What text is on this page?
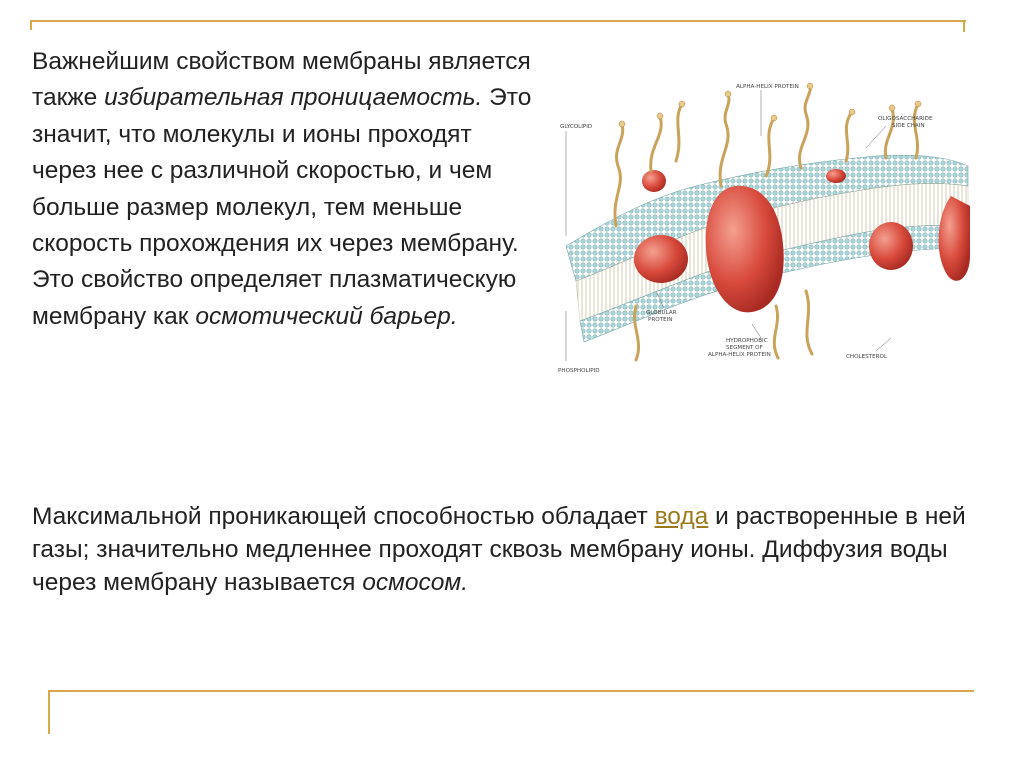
Важнейшим свойством мембраны является также избирательная проницаемость. Это значит, что молекулы и ионы проходят через нее с различной скоростью, и чем больше размер молекул, тем меньше скорость прохождения их через мембрану. Это свойство определяет плазматическую мембрану как осмотический барьер.

GLYCOLIPID
ALPHA-HELIX PROTEIN
OLIGOSACCHARIDE
SIDE CHAIN
PHOSPHOLIPID
GLOBULAR
PROTEIN
HYDROPHOBIC
SEGMENT OF
ALPHA-HELIX PROTEIN	CHOLESTEROL

Максимальной проникающей способностью обладает вода и растворенные в ней газы; значительно медленнее проходят сквозь мембрану ионы. Диффузия воды через мембрану называется осмосом.
